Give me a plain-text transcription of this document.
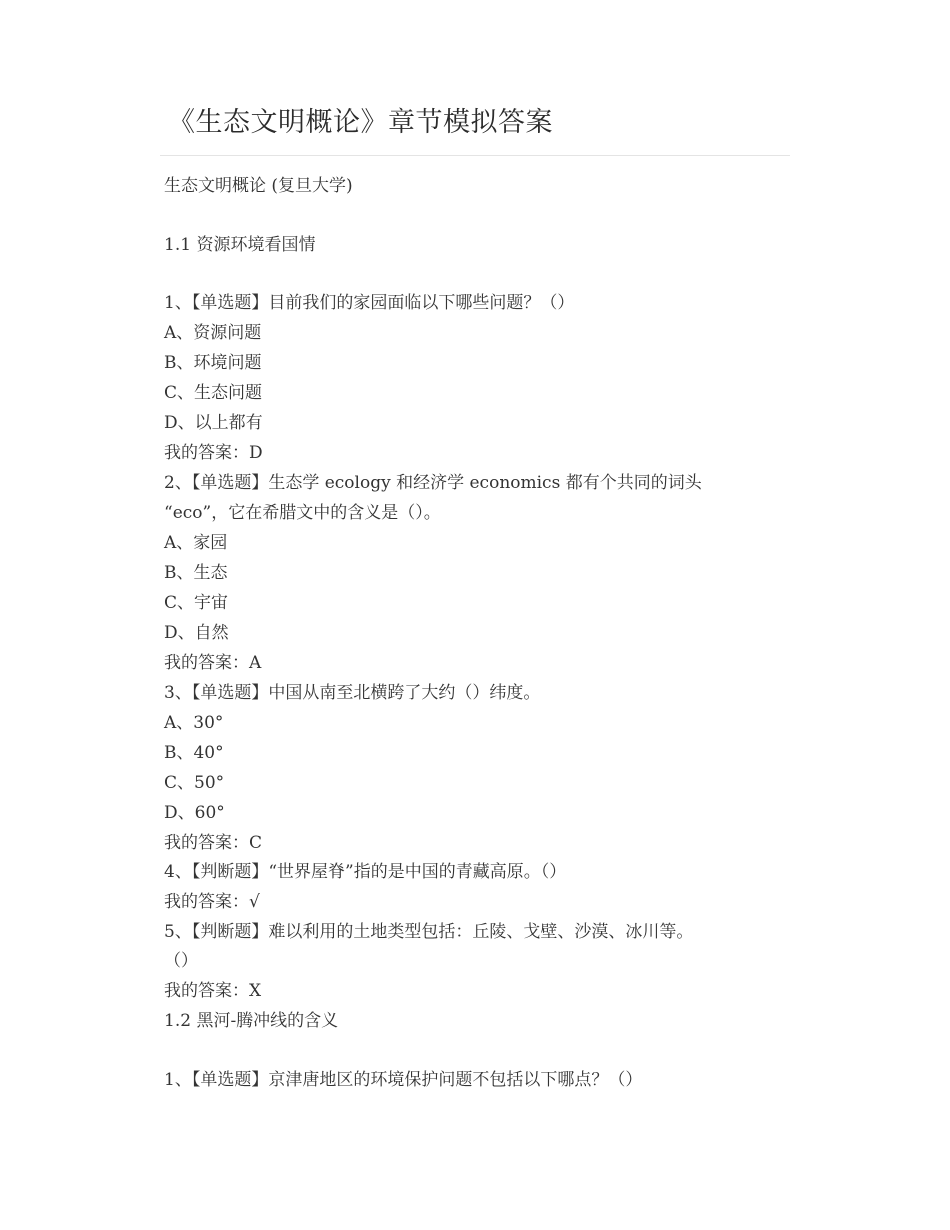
《生态文明概论》章节模拟答案
生态文明概论 (复旦大学)
1.1 资源环境看国情
1、【单选题】目前我们的家园面临以下哪些问题？（）
A、资源问题
B、环境问题
C、生态问题
D、以上都有
我的答案：D
2、【单选题】生态学 ecology 和经济学 economics 都有个共同的词头
“eco”，它在希腊文中的含义是（）。
A、家园
B、生态
C、宇宙
D、自然
我的答案：A
3、【单选题】中国从南至北横跨了大约（）纬度。
A、30°
B、40°
C、50°
D、60°
我的答案：C
4、【判断题】“世界屋脊”指的是中国的青藏高原。（）
我的答案：√
5、【判断题】难以利用的土地类型包括：丘陵、戈壁、沙漠、冰川等。
（）
我的答案：X
1.2 黑河-腾冲线的含义
1、【单选题】京津唐地区的环境保护问题不包括以下哪点？（）
